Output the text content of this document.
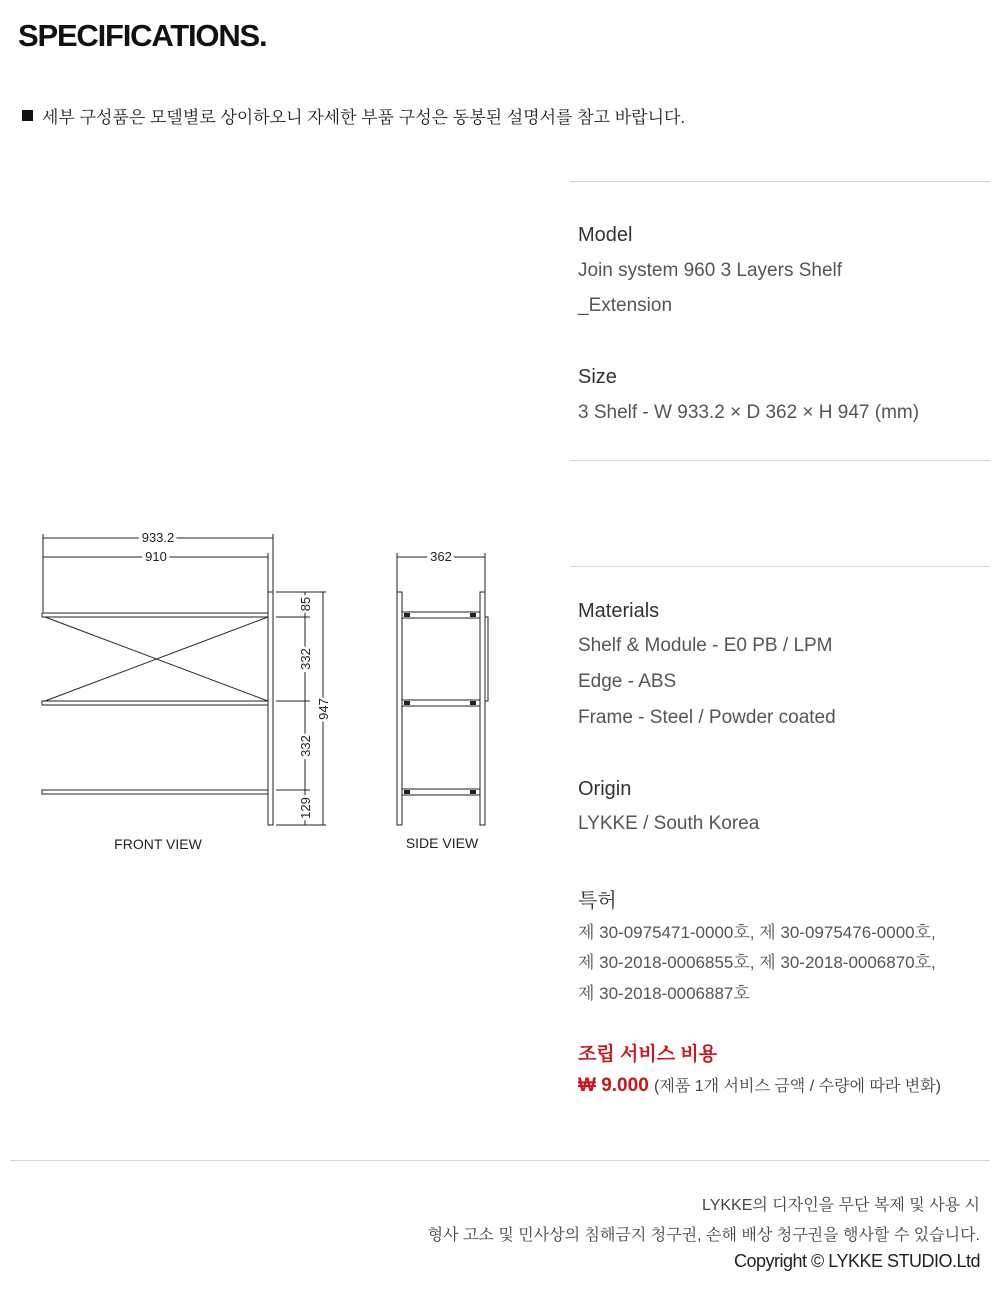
SPECIFICATIONS.
세부 구성품은 모델별로 상이하오니 자세한 부품 구성은 동봉된 설명서를 참고 바랍니다.
933.2
910	362
85
332
332
129
947
FRONT VIEW	SIDE VIEW
Model
Join system 960 3 Layers Shelf
_Extension
Size
3 Shelf - W 933.2 × D 362 × H 947 (mm)
Materials
Shelf & Module - E0 PB / LPM
Edge - ABS
Frame - Steel / Powder coated
Origin
LYKKE / South Korea
특허
제 30-0975471-0000호, 제 30-0975476-0000호,
제 30-2018-0006855호, 제 30-2018-0006870호,
제 30-2018-0006887호
조립 서비스 비용
₩ 9.000 (제품 1개 서비스 금액 / 수량에 따라 변화)
LYKKE의 디자인을 무단 복제 및 사용 시
형사 고소 및 민사상의 침해금지 청구권, 손해 배상 청구권을 행사할 수 있습니다.
Copyright © LYKKE STUDIO.Ltd
